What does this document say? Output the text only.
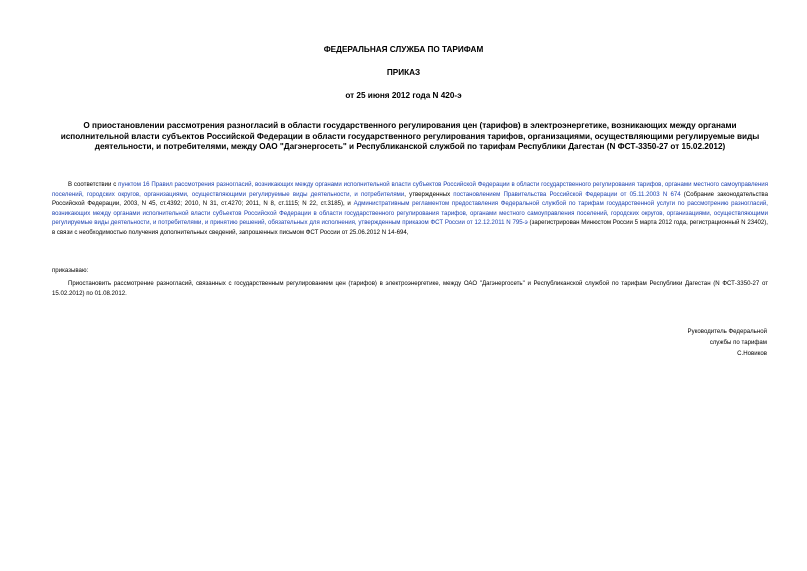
ФЕДЕРАЛЬНАЯ СЛУЖБА ПО ТАРИФАМ
ПРИКАЗ
от 25 июня 2012 года N 420-э
О приостановлении рассмотрения разногласий в области государственного регулирования цен (тарифов) в электроэнергетике, возникающих между органами исполнительной власти субъектов Российской Федерации в области государственного регулирования тарифов, организациями, осуществляющими регулируемые виды деятельности, и потребителями, между ОАО "Дагэнергосеть" и Республиканской службой по тарифам Республики Дагестан (N ФСТ-3350-27 от 15.02.2012)
В соответствии с пунктом 16 Правил рассмотрения разногласий, возникающих между органами исполнительной власти субъектов Российской Федерации в области государственного регулирования тарифов, органами местного самоуправления поселений, городских округов, организациями, осуществляющими регулируемые виды деятельности, и потребителями, утвержденных постановлением Правительства Российской Федерации от 05.11.2003 N 674 (Собрание законодательства Российской Федерации, 2003, N 45, ст.4392; 2010, N 31, ст.4270; 2011, N 8, ст.1115; N 22, ст.3185), и Административным регламентом предоставления Федеральной службой по тарифам государственной услуги по рассмотрению разногласий, возникающих между органами исполнительной власти субъектов Российской Федерации в области государственного регулирования тарифов, органами местного самоуправления поселений, городских округов, организациями, осуществляющими регулируемые виды деятельности, и потребителями, и принятию решений, обязательных для исполнения, утвержденным приказом ФСТ России от 12.12.2011 N 795-э (зарегистрирован Минюстом России 5 марта 2012 года, регистрационный N 23402), в связи с необходимостью получения дополнительных сведений, запрошенных письмом ФСТ России от 25.06.2012 N 14-694,
приказываю:
Приостановить рассмотрение разногласий, связанных с государственным регулированием цен (тарифов) в электроэнергетике, между ОАО "Дагэнергосеть" и Республиканской службой по тарифам Республики Дагестан (N ФСТ-3350-27 от 15.02.2012) по 01.08.2012.
Руководитель Федеральной
службы по тарифам
С.Новиков
